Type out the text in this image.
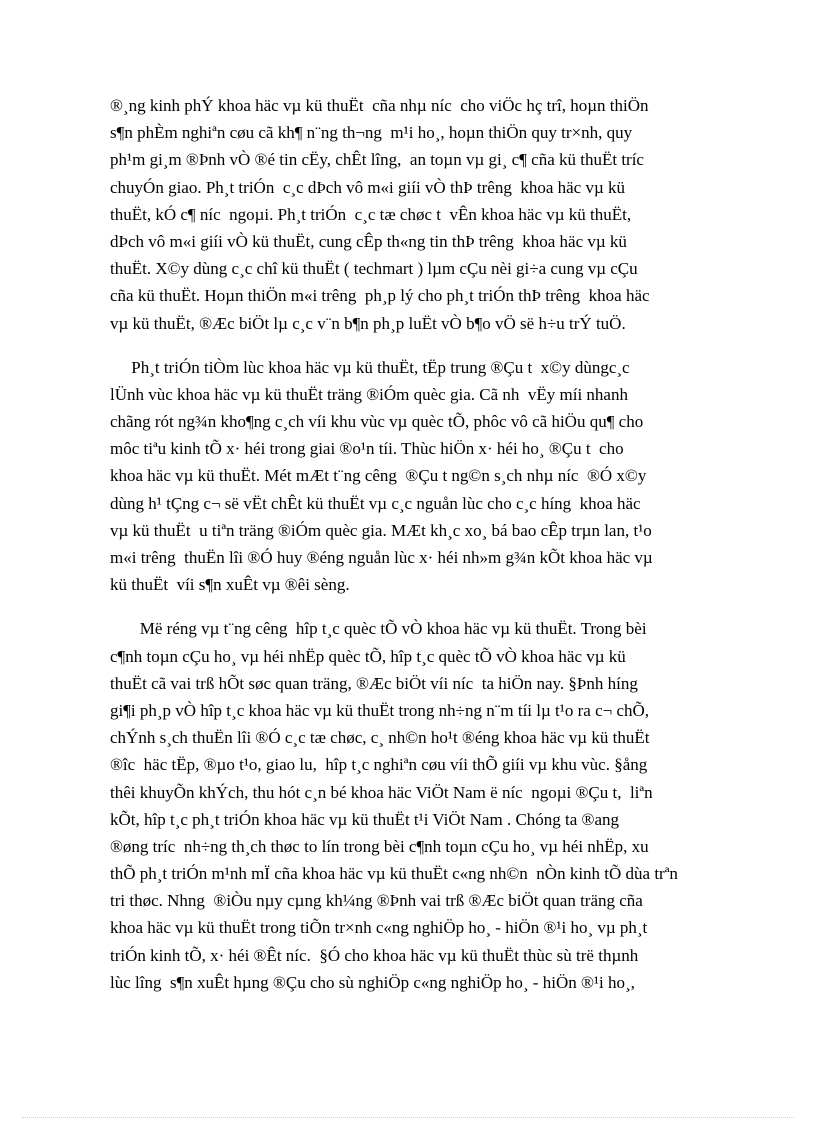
®¸ng kinh phÝ khoa häc vµ kü thuËt  cña nhµ níc  cho viÖc hç trî, hoµn thiÖn
s¶n phÈm nghiªn cøu cã kh¶ n¨ng th¬ng  m¹i ho¸, hoµn thiÖn quy tr×nh, quy
ph¹m gi¸m ®Þnh vÒ ®é tin cËy, chÊt lîng,  an toµn vµ gi¸ c¶ cña kü thuËt tríc
chuyÓn giao. Ph¸t triÓn  c¸c dÞch vô m«i giíi vÒ thÞ trêng  khoa häc vµ kü
thuËt, kÓ c¶ níc  ngoµi. Ph¸t triÓn  c¸c tæ chøc t  vÊn khoa häc vµ kü thuËt,
dÞch vô m«i giíi vÒ kü thuËt, cung cÊp th«ng tin thÞ trêng  khoa häc vµ kü
thuËt. X©y dùng c¸c chî kü thuËt ( techmart ) lµm cÇu nèi gi÷a cung vµ cÇu
cña kü thuËt. Hoµn thiÖn m«i trêng  ph¸p lý cho ph¸t triÓn thÞ trêng  khoa häc
vµ kü thuËt, ®Æc biÖt lµ c¸c v¨n b¶n ph¸p luËt vÒ b¶o vÖ së h÷u trÝ tuÖ.
Ph¸t triÓn tiÒm lùc khoa häc vµ kü thuËt, tËp trung ®Çu t  x©y dùngc¸c
lÜnh vùc khoa häc vµ kü thuËt träng ®iÓm quèc gia. Cã nh  vËy míi nhanh
chãng rót ng¾n kho¶ng c¸ch víi khu vùc vµ quèc tÕ, phôc vô cã hiÖu qu¶ cho
môc tiªu kinh tÕ x· héi trong giai ®o¹n tíi. Thùc hiÖn x· héi ho¸ ®Çu t  cho
khoa häc vµ kü thuËt. Mét mÆt t¨ng cêng  ®Çu t ng©n s¸ch nhµ níc  ®Ó x©y
dùng h¹ tÇng c¬ së vËt chÊt kü thuËt vµ c¸c nguån lùc cho c¸c híng  khoa häc
vµ kü thuËt  u tiªn träng ®iÓm quèc gia. MÆt kh¸c xo¸ bá bao cÊp trµn lan, t¹o
m«i trêng  thuËn lîi ®Ó huy ®éng nguån lùc x· héi nh»m g¾n kÕt khoa häc vµ
kü thuËt  víi s¶n xuÊt vµ ®êi sèng.
Më réng vµ t¨ng cêng  hîp t¸c quèc tÕ vÒ khoa häc vµ kü thuËt. Trong bèi
c¶nh toµn cÇu ho¸ vµ héi nhËp quèc tÕ, hîp t¸c quèc tÕ vÒ khoa häc vµ kü
thuËt cã vai trß hÕt søc quan träng, ®Æc biÖt víi níc  ta hiÖn nay. §Þnh híng
gi¶i ph¸p vÒ hîp t¸c khoa häc vµ kü thuËt trong nh÷ng n¨m tíi lµ t¹o ra c¬ chÕ,
chÝnh s¸ch thuËn lîi ®Ó c¸c tæ chøc, c¸ nh©n ho¹t ®éng khoa häc vµ kü thuËt
®îc  häc tËp, ®µo t¹o, giao lu,  hîp t¸c nghiªn cøu víi thÕ giíi vµ khu vùc. §ång
thêi khuyÕn khÝch, thu hót c¸n bé khoa häc ViÖt Nam ë níc  ngoµi ®Çu t,  liªn
kÕt, hîp t¸c ph¸t triÓn khoa häc vµ kü thuËt t¹i ViÖt Nam . Chóng ta ®ang
®øng tríc  nh÷ng th¸ch thøc to lín trong bèi c¶nh toµn cÇu ho¸ vµ héi nhËp, xu
thÕ ph¸t triÓn m¹nh mÏ cña khoa häc vµ kü thuËt c«ng nh©n  nÒn kinh tÕ dùa trªn
tri thøc. Nhng  ®iÒu nµy cµng kh¼ng ®Þnh vai trß ®Æc biÖt quan träng cña
khoa häc vµ kü thuËt trong tiÕn tr×nh c«ng nghiÖp ho¸ - hiÖn ®¹i ho¸ vµ ph¸t
triÓn kinh tÕ, x· héi ®Êt níc.  §Ó cho khoa häc vµ kü thuËt thùc sù trë thµnh
lùc lîng  s¶n xuÊt hµng ®Çu cho sù nghiÖp c«ng nghiÖp ho¸ - hiÖn ®¹i ho¸,
